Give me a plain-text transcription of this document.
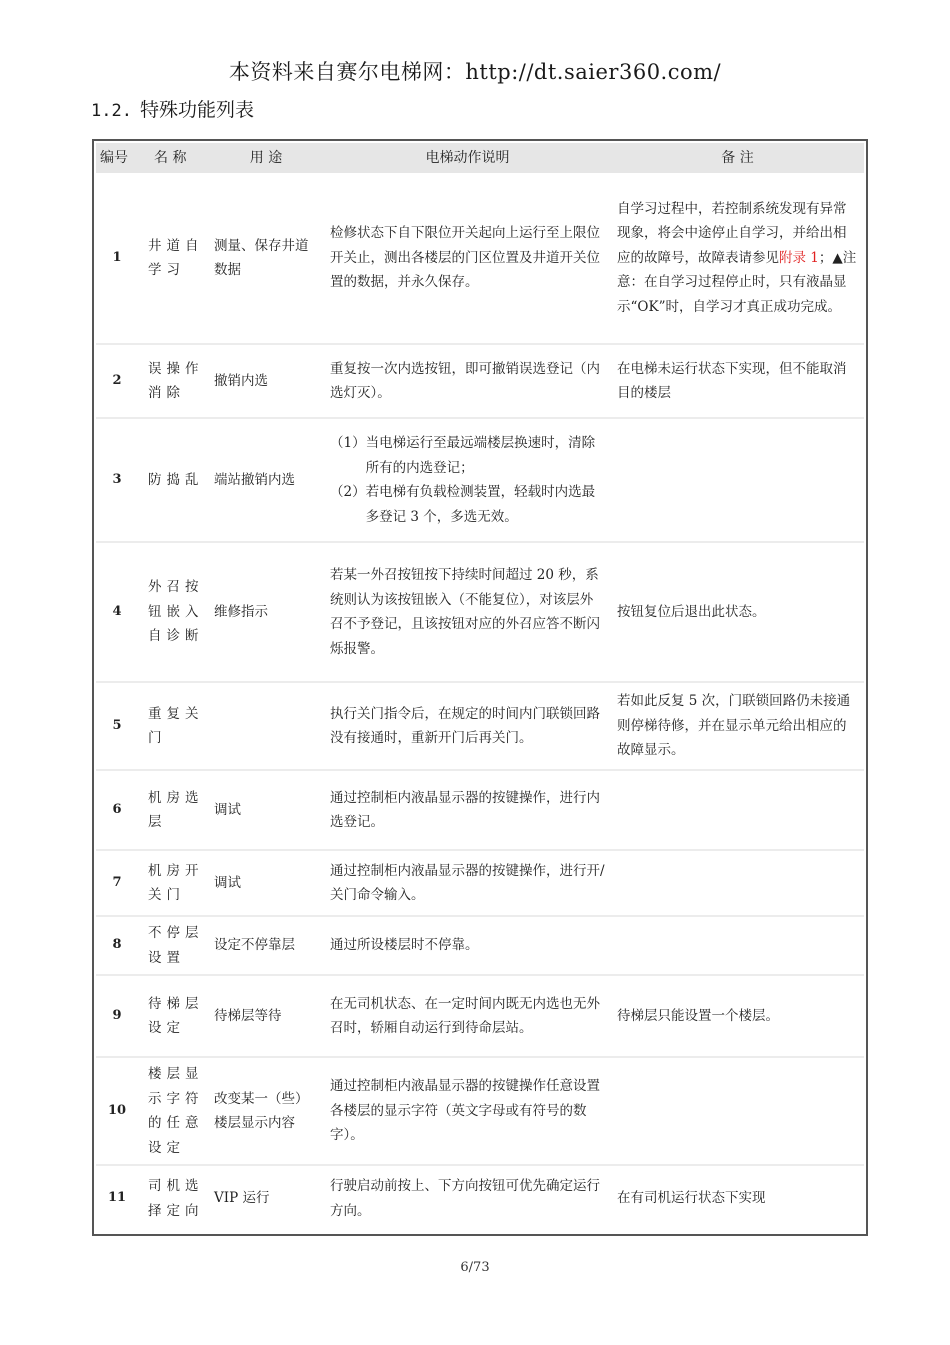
本资料来自赛尔电梯网：http://dt.saier360.com/
1.2. 特殊功能列表
编号 名 称		用 途	电梯动作说明	备 注
1	井道自学习	测量、保存井道数据	检修状态下自下限位开关起向上运行至上限位开关止，测出各楼层的门区位置及井道开关位置的数据，并永久保存。	自学习过程中，若控制系统发现有异常现象，将会中途停止自学习，并给出相应的故障号，故障表请参见附录 1；▲注意：在自学习过程停止时，只有液晶显示“OK”时，自学习才真正成功完成。
2	误操作消除	撤销内选	重复按一次内选按钮，即可撤销误选登记（内选灯灭）。	在电梯未运行状态下实现，但不能取消目的楼层
3	防捣乱	端站撤销内选	（1） 当电梯运行至最远端楼层换速时，清除所有的内选登记；
（2） 若电梯有负载检测装置，轻载时内选最多登记 3 个，多选无效。	

4	外召按钮嵌入自诊断	维修指示	若某一外召按钮按下持续时间超过 20 秒，系统则认为该按钮嵌入（不能复位），对该层外召不予登记，且该按钮对应的外召应答不断闪烁报警。	按钮复位后退出此状态。
5	重复关门		执行关门指令后，在规定的时间内门联锁回路没有接通时，重新开门后再关门。	若如此反复 5 次，门联锁回路仍未接通则停梯待修，并在显示单元给出相应的故障显示。
6	机房选层	调试	通过控制柜内液晶显示器的按键操作，进行内选登记。	
7	机房开关门	调试	通过控制柜内液晶显示器的按键操作，进行开/关门命令输入。	
8	不停层设置	设定不停靠层	通过所设楼层时不停靠。	
9	待梯层设定	待梯层等待	在无司机状态、在一定时间内既无内选也无外召时，轿厢自动运行到待命层站。	待梯层只能设置一个楼层。
10	楼层显示字符的任意设定	改变某一（些）楼层显示内容	通过控制柜内液晶显示器的按键操作任意设置各楼层的显示字符（英文字母或有符号的数字）。	
11	司机选择定向	VIP 运行	行驶启动前按上、下方向按钮可优先确定运行方向。	在有司机运行状态下实现
6/73
